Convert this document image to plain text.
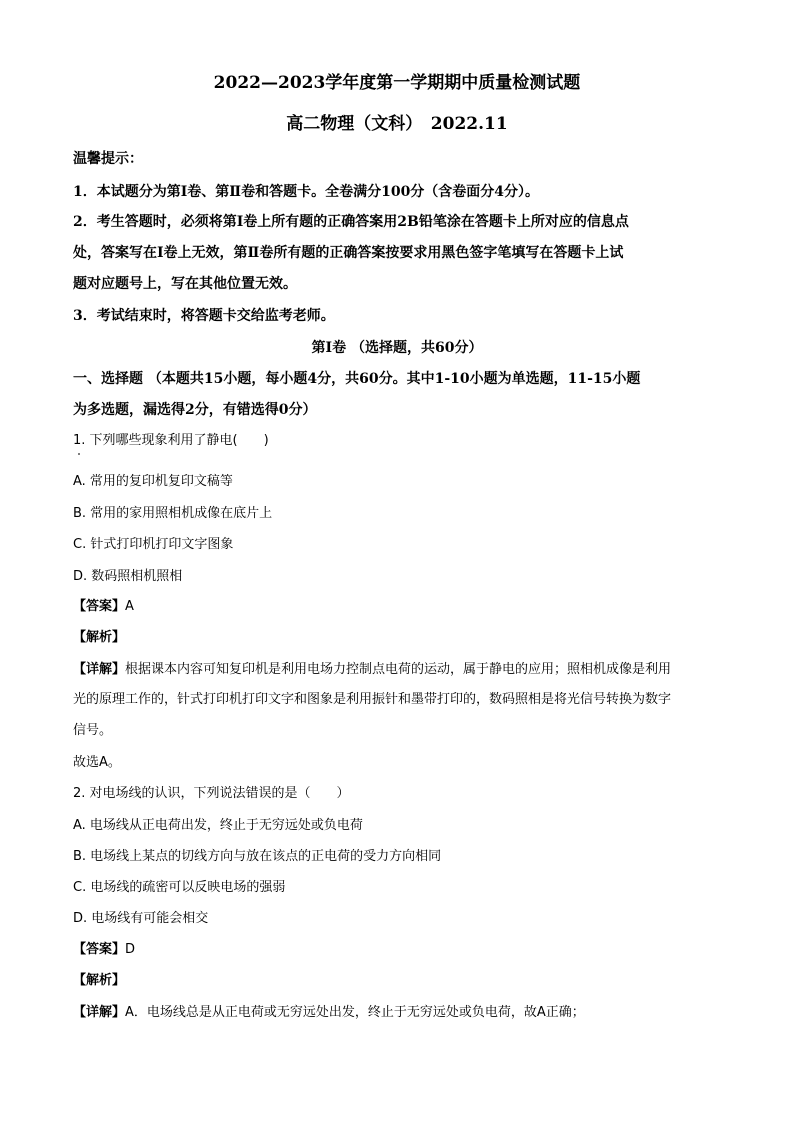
2022—2023学年度第一学期期中质量检测试题
高二物理（文科）　2022.11
温馨提示：
1．本试题分为第Ⅰ卷、第Ⅱ卷和答题卡。全卷满分100分（含卷面分4分）。
2．考生答题时，必须将第Ⅰ卷上所有题的正确答案用2B铅笔涂在答题卡上所对应的信息点
处，答案写在Ⅰ卷上无效，第Ⅱ卷所有题的正确答案按要求用黑色签字笔填写在答题卡上试
题对应题号上，写在其他位置无效。
3．考试结束时，将答题卡交给监考老师。
第Ⅰ卷 （选择题，共60分）
一、选择题 （本题共15小题，每小题4分，共60分。其中1-10小题为单选题，11-15小题
为多选题，漏选得2分，有错选得0分）
1. 下列哪些现象利用了静电(　　)
A. 常用的复印机复印文稿等
B. 常用的家用照相机成像在底片上
C. 针式打印机打印文字图象
D. 数码照相机照相
【答案】A
【解析】
【详解】根据课本内容可知复印机是利用电场力控制点电荷的运动，属于静电的应用；照相机成像是利用
光的原理工作的，针式打印机打印文字和图象是利用振针和墨带打印的，数码照相是将光信号转换为数字
信号。
故选A。
2. 对电场线的认识，下列说法错误的是（　　）
A. 电场线从正电荷出发，终止于无穷远处或负电荷
B. 电场线上某点的切线方向与放在该点的正电荷的受力方向相同
C. 电场线的疏密可以反映电场的强弱
D. 电场线有可能会相交
【答案】D
【解析】
【详解】A．电场线总是从正电荷或无穷远处出发，终止于无穷远处或负电荷，故A正确；
